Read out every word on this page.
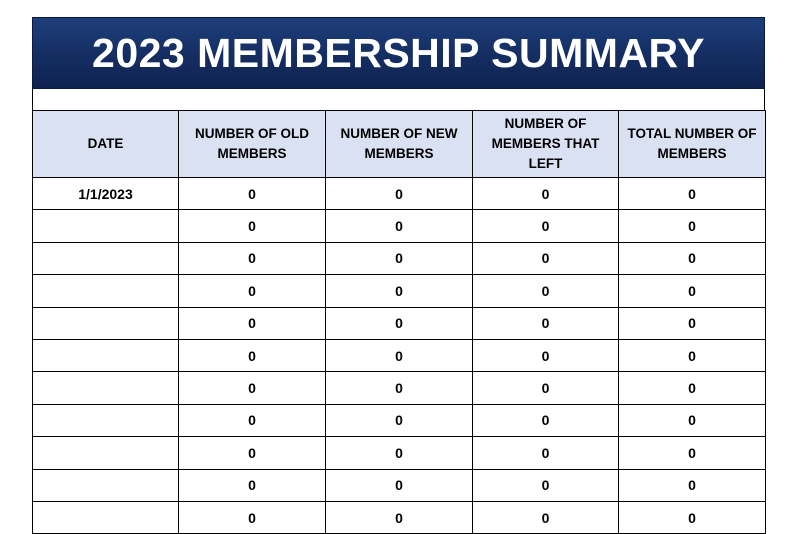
2023 MEMBERSHIP SUMMARY
DATE	NUMBER OF OLD MEMBERS	NUMBER OF NEW MEMBERS	NUMBER OF MEMBERS THAT LEFT	TOTAL NUMBER OF MEMBERS
1/1/2023	0	0	0	0
	0	0	0	0
	0	0	0	0
	0	0	0	0
	0	0	0	0
	0	0	0	0
	0	0	0	0
	0	0	0	0
	0	0	0	0
	0	0	0	0
	0	0	0	0
